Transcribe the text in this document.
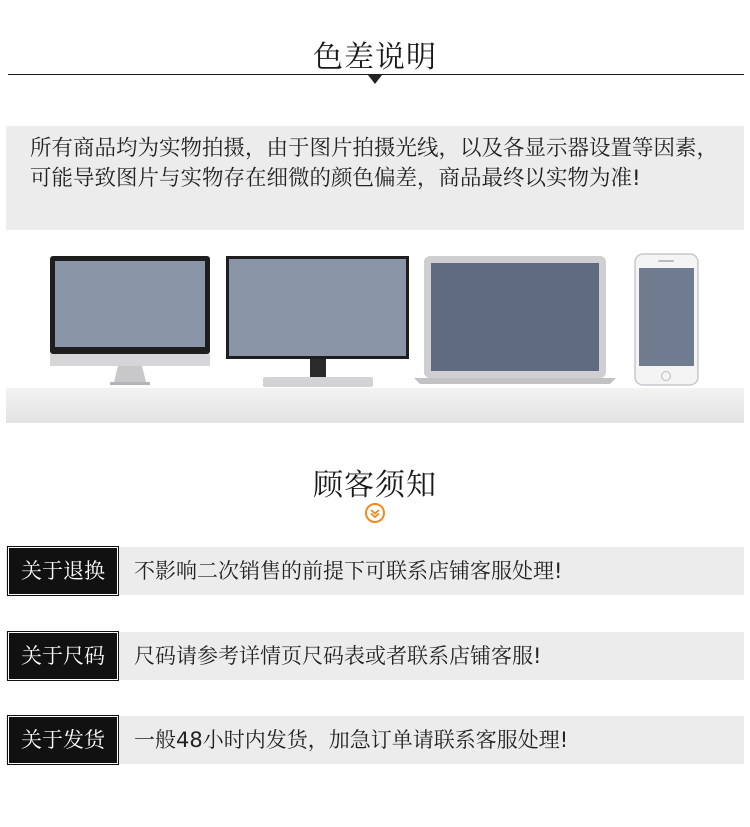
色差说明

所有商品均为实物拍摄，由于图片拍摄光线，以及各显示器设置等因素，可能导致图片与实物存在细微的颜色偏差，商品最终以实物为准!

顾客须知
关于退换	不影响二次销售的前提下可联系店铺客服处理!
关于尺码	尺码请参考详情页尺码表或者联系店铺客服!
关于发货	一般48小时内发货，加急订单请联系客服处理!
